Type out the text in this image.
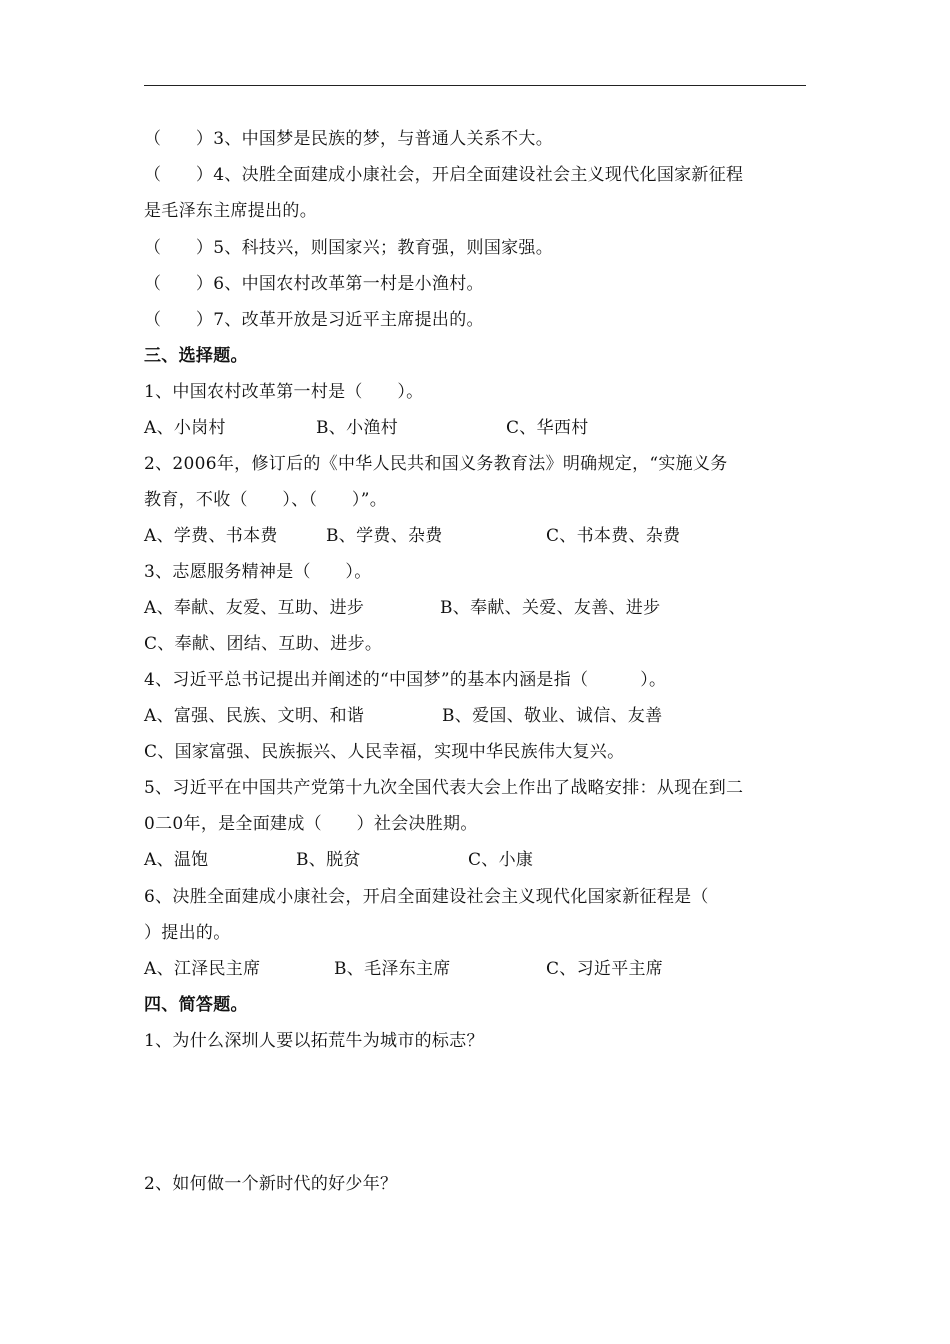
（　　）3、中国梦是民族的梦，与普通人关系不大。
（　　）4、决胜全面建成小康社会，开启全面建设社会主义现代化国家新征程
是毛泽东主席提出的。
（　　）5、科技兴，则国家兴；教育强，则国家强。
（　　）6、中国农村改革第一村是小渔村。
（　　）7、改革开放是习近平主席提出的。
三、选择题。
1、中国农村改革第一村是（　　）。
A、小岗村	B、小渔村	C、华西村
2、2006年，修订后的《中华人民共和国义务教育法》明确规定，“实施义务
教育，不收（　　）、（　　）”。
A、学费、书本费	B、学费、杂费	C、书本费、杂费
3、志愿服务精神是（　　）。
A、奉献、友爱、互助、进步	B、奉献、关爱、友善、进步
C、奉献、团结、互助、进步。
4、习近平总书记提出并阐述的“中国梦”的基本内涵是指（　　　）。
A、富强、民族、文明、和谐	B、爱国、敬业、诚信、友善
C、国家富强、民族振兴、人民幸福，实现中华民族伟大复兴。
5、习近平在中国共产党第十九次全国代表大会上作出了战略安排：从现在到二
0二0年，是全面建成（　　）社会决胜期。
A、温饱	B、脱贫	C、小康
6、决胜全面建成小康社会，开启全面建设社会主义现代化国家新征程是（
）提出的。
A、江泽民主席	B、毛泽东主席	C、习近平主席
四、简答题。
1、为什么深圳人要以拓荒牛为城市的标志？
2、如何做一个新时代的好少年？
